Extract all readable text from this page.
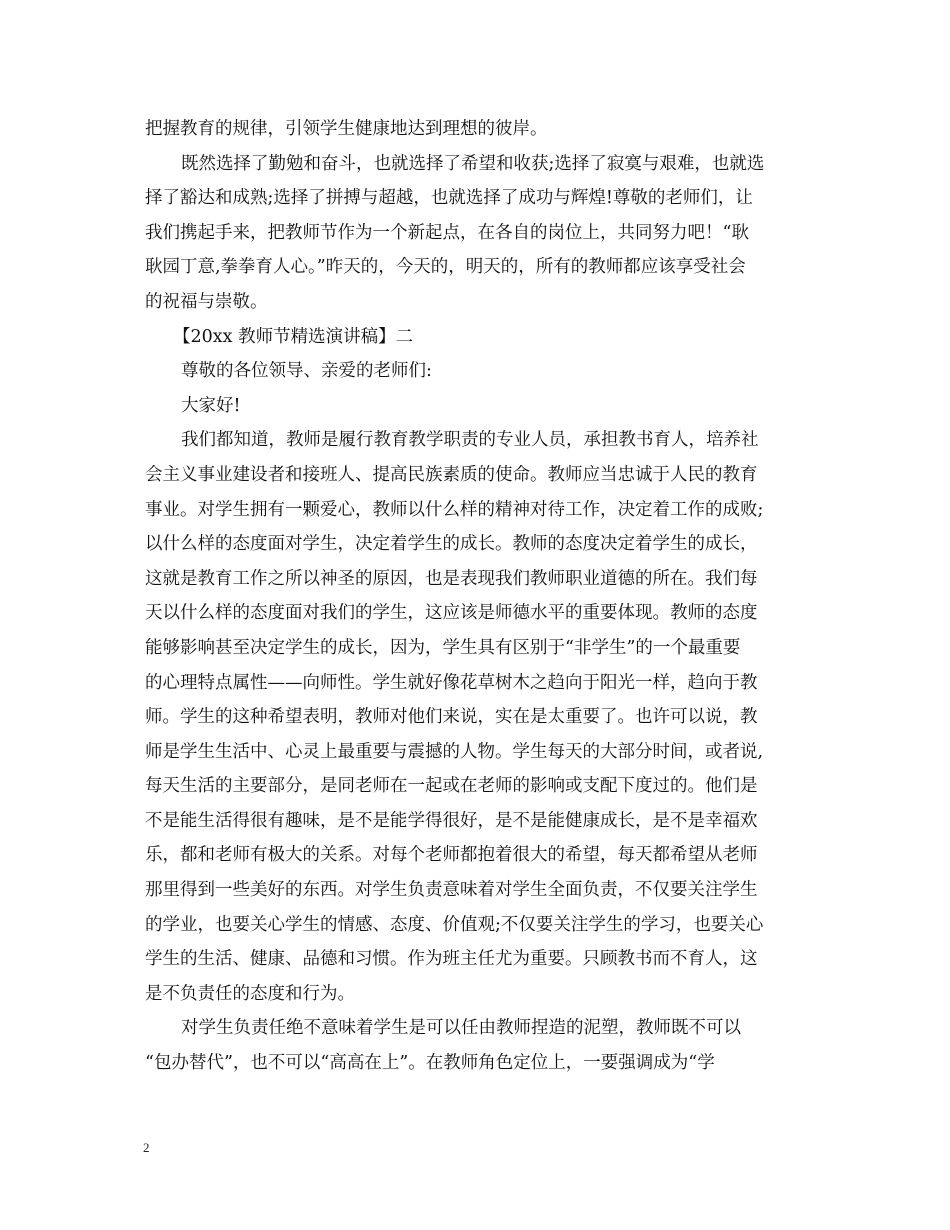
把握教育的规律，引领学生健康地达到理想的彼岸。
既然选择了勤勉和奋斗，也就选择了希望和收获;选择了寂寞与艰难，也就选
择了豁达和成熟;选择了拼搏与超越，也就选择了成功与辉煌!尊敬的老师们，让
我们携起手来，把教师节作为一个新起点，在各自的岗位上，共同努力吧！“耿
耿园丁意,拳拳育人心。”昨天的，今天的，明天的，所有的教师都应该享受社会
的祝福与崇敬。
【20xx 教师节精选演讲稿】二
尊敬的各位领导、亲爱的老师们:
大家好!
我们都知道，教师是履行教育教学职责的专业人员，承担教书育人，培养社
会主义事业建设者和接班人、提高民族素质的使命。教师应当忠诚于人民的教育
事业。对学生拥有一颗爱心，教师以什么样的精神对待工作，决定着工作的成败;
以什么样的态度面对学生，决定着学生的成长。教师的态度决定着学生的成长，
这就是教育工作之所以神圣的原因，也是表现我们教师职业道德的所在。我们每
天以什么样的态度面对我们的学生，这应该是师德水平的重要体现。教师的态度
能够影响甚至决定学生的成长，因为，学生具有区别于“非学生”的一个最重要
的心理特点属性——向师性。学生就好像花草树木之趋向于阳光一样，趋向于教
师。学生的这种希望表明，教师对他们来说，实在是太重要了。也许可以说，教
师是学生生活中、心灵上最重要与震撼的人物。学生每天的大部分时间，或者说,
每天生活的主要部分，是同老师在一起或在老师的影响或支配下度过的。他们是
不是能生活得很有趣味，是不是能学得很好，是不是能健康成长，是不是幸福欢
乐，都和老师有极大的关系。对每个老师都抱着很大的希望，每天都希望从老师
那里得到一些美好的东西。对学生负责意味着对学生全面负责，不仅要关注学生
的学业，也要关心学生的情感、态度、价值观;不仅要关注学生的学习，也要关心
学生的生活、健康、品德和习惯。作为班主任尤为重要。只顾教书而不育人，这
是不负责任的态度和行为。
对学生负责任绝不意味着学生是可以任由教师捏造的泥塑，教师既不可以
“包办替代”，也不可以“高高在上”。在教师角色定位上，一要强调成为“学
2
